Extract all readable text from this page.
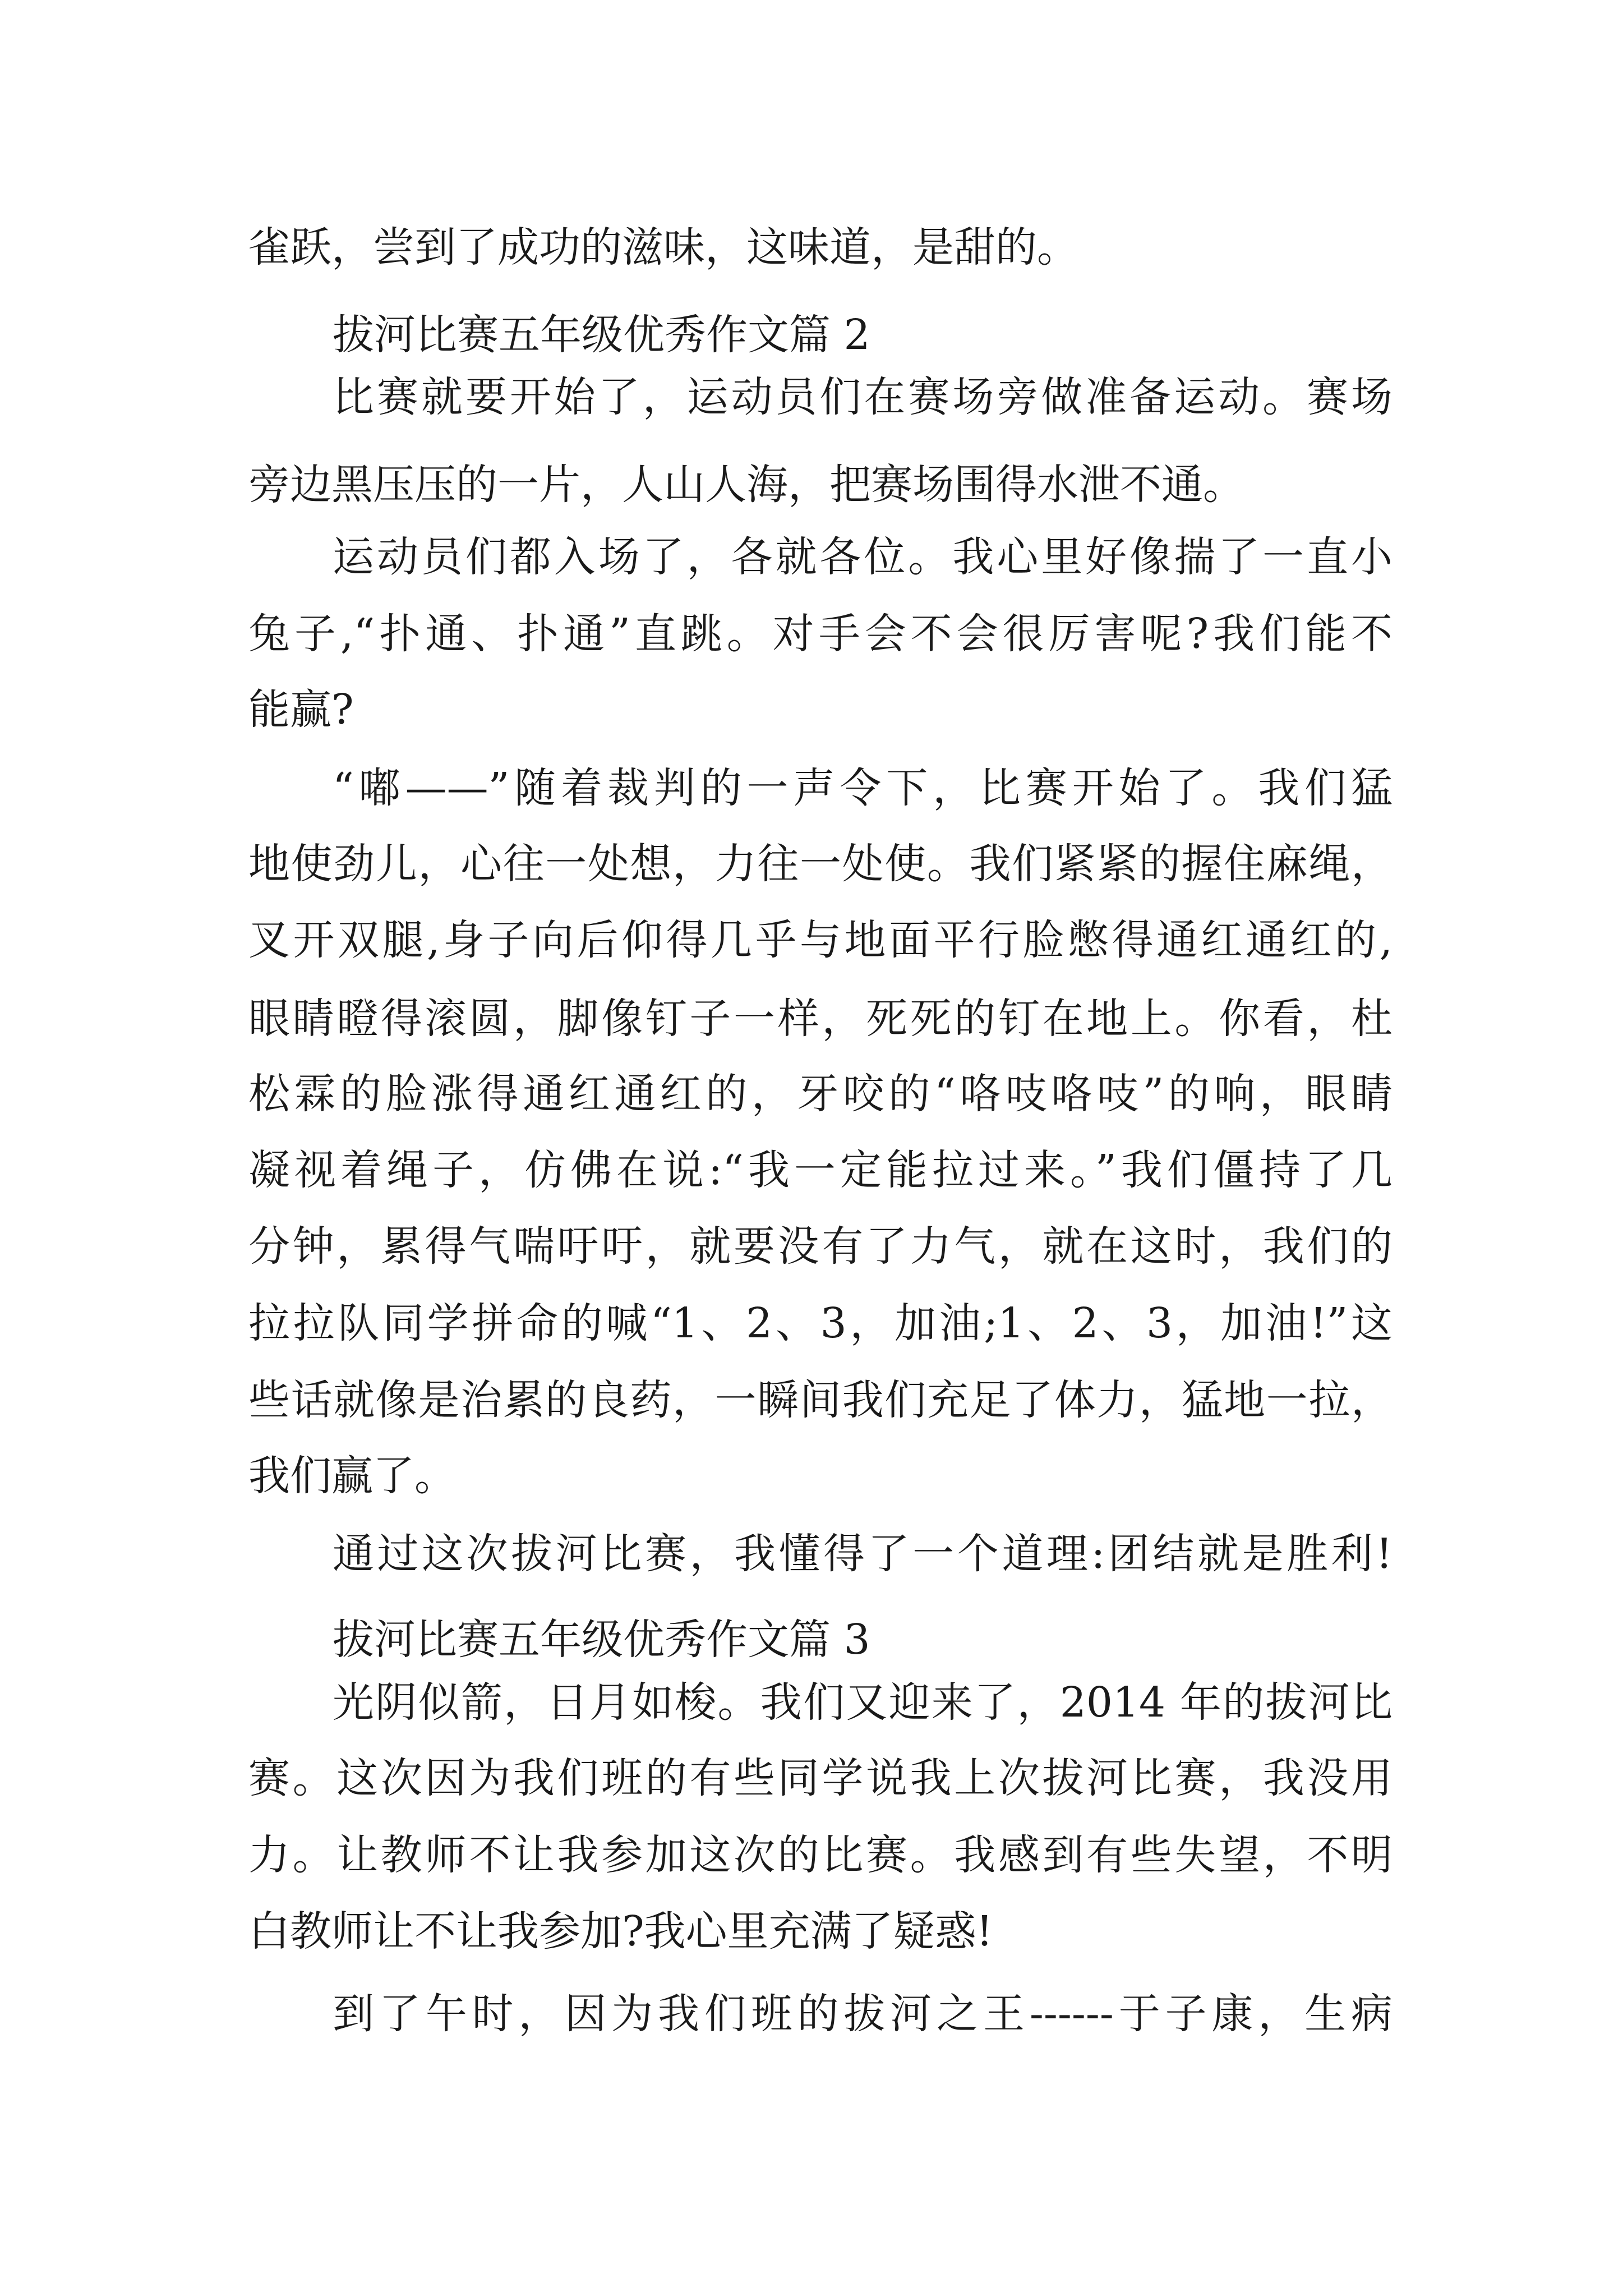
雀跃，尝到了成功的滋味，这味道，是甜的。
拔河比赛五年级优秀作文篇 2
比赛就要开始了，运动员们在赛场旁做准备运动。赛场
旁边黑压压的一片，人山人海，把赛场围得水泄不通。
运动员们都入场了，各就各位。我心里好像揣了一直小
兔子,“扑通、扑通”直跳。对手会不会很厉害呢?我们能不
能赢?
“嘟——”随着裁判的一声令下，比赛开始了。我们猛
地使劲儿，心往一处想，力往一处使。我们紧紧的握住麻绳，
叉开双腿,身子向后仰得几乎与地面平行脸憋得通红通红的,
眼睛瞪得滚圆，脚像钉子一样，死死的钉在地上。你看，杜
松霖的脸涨得通红通红的，牙咬的“咯吱咯吱”的响，眼睛
凝视着绳子，仿佛在说:“我一定能拉过来。”我们僵持了几
分钟，累得气喘吁吁，就要没有了力气，就在这时，我们的
拉拉队同学拼命的喊“1、2、3，加油;1、2、3，加油!”这
些话就像是治累的良药，一瞬间我们充足了体力，猛地一拉，
我们赢了。
通过这次拔河比赛，我懂得了一个道理:团结就是胜利!
拔河比赛五年级优秀作文篇 3
光阴似箭，日月如梭。我们又迎来了，2014 年的拔河比
赛。这次因为我们班的有些同学说我上次拔河比赛，我没用
力。让教师不让我参加这次的比赛。我感到有些失望，不明
白教师让不让我参加?我心里充满了疑惑!
到了午时，因为我们班的拔河之王------于子康，生病
